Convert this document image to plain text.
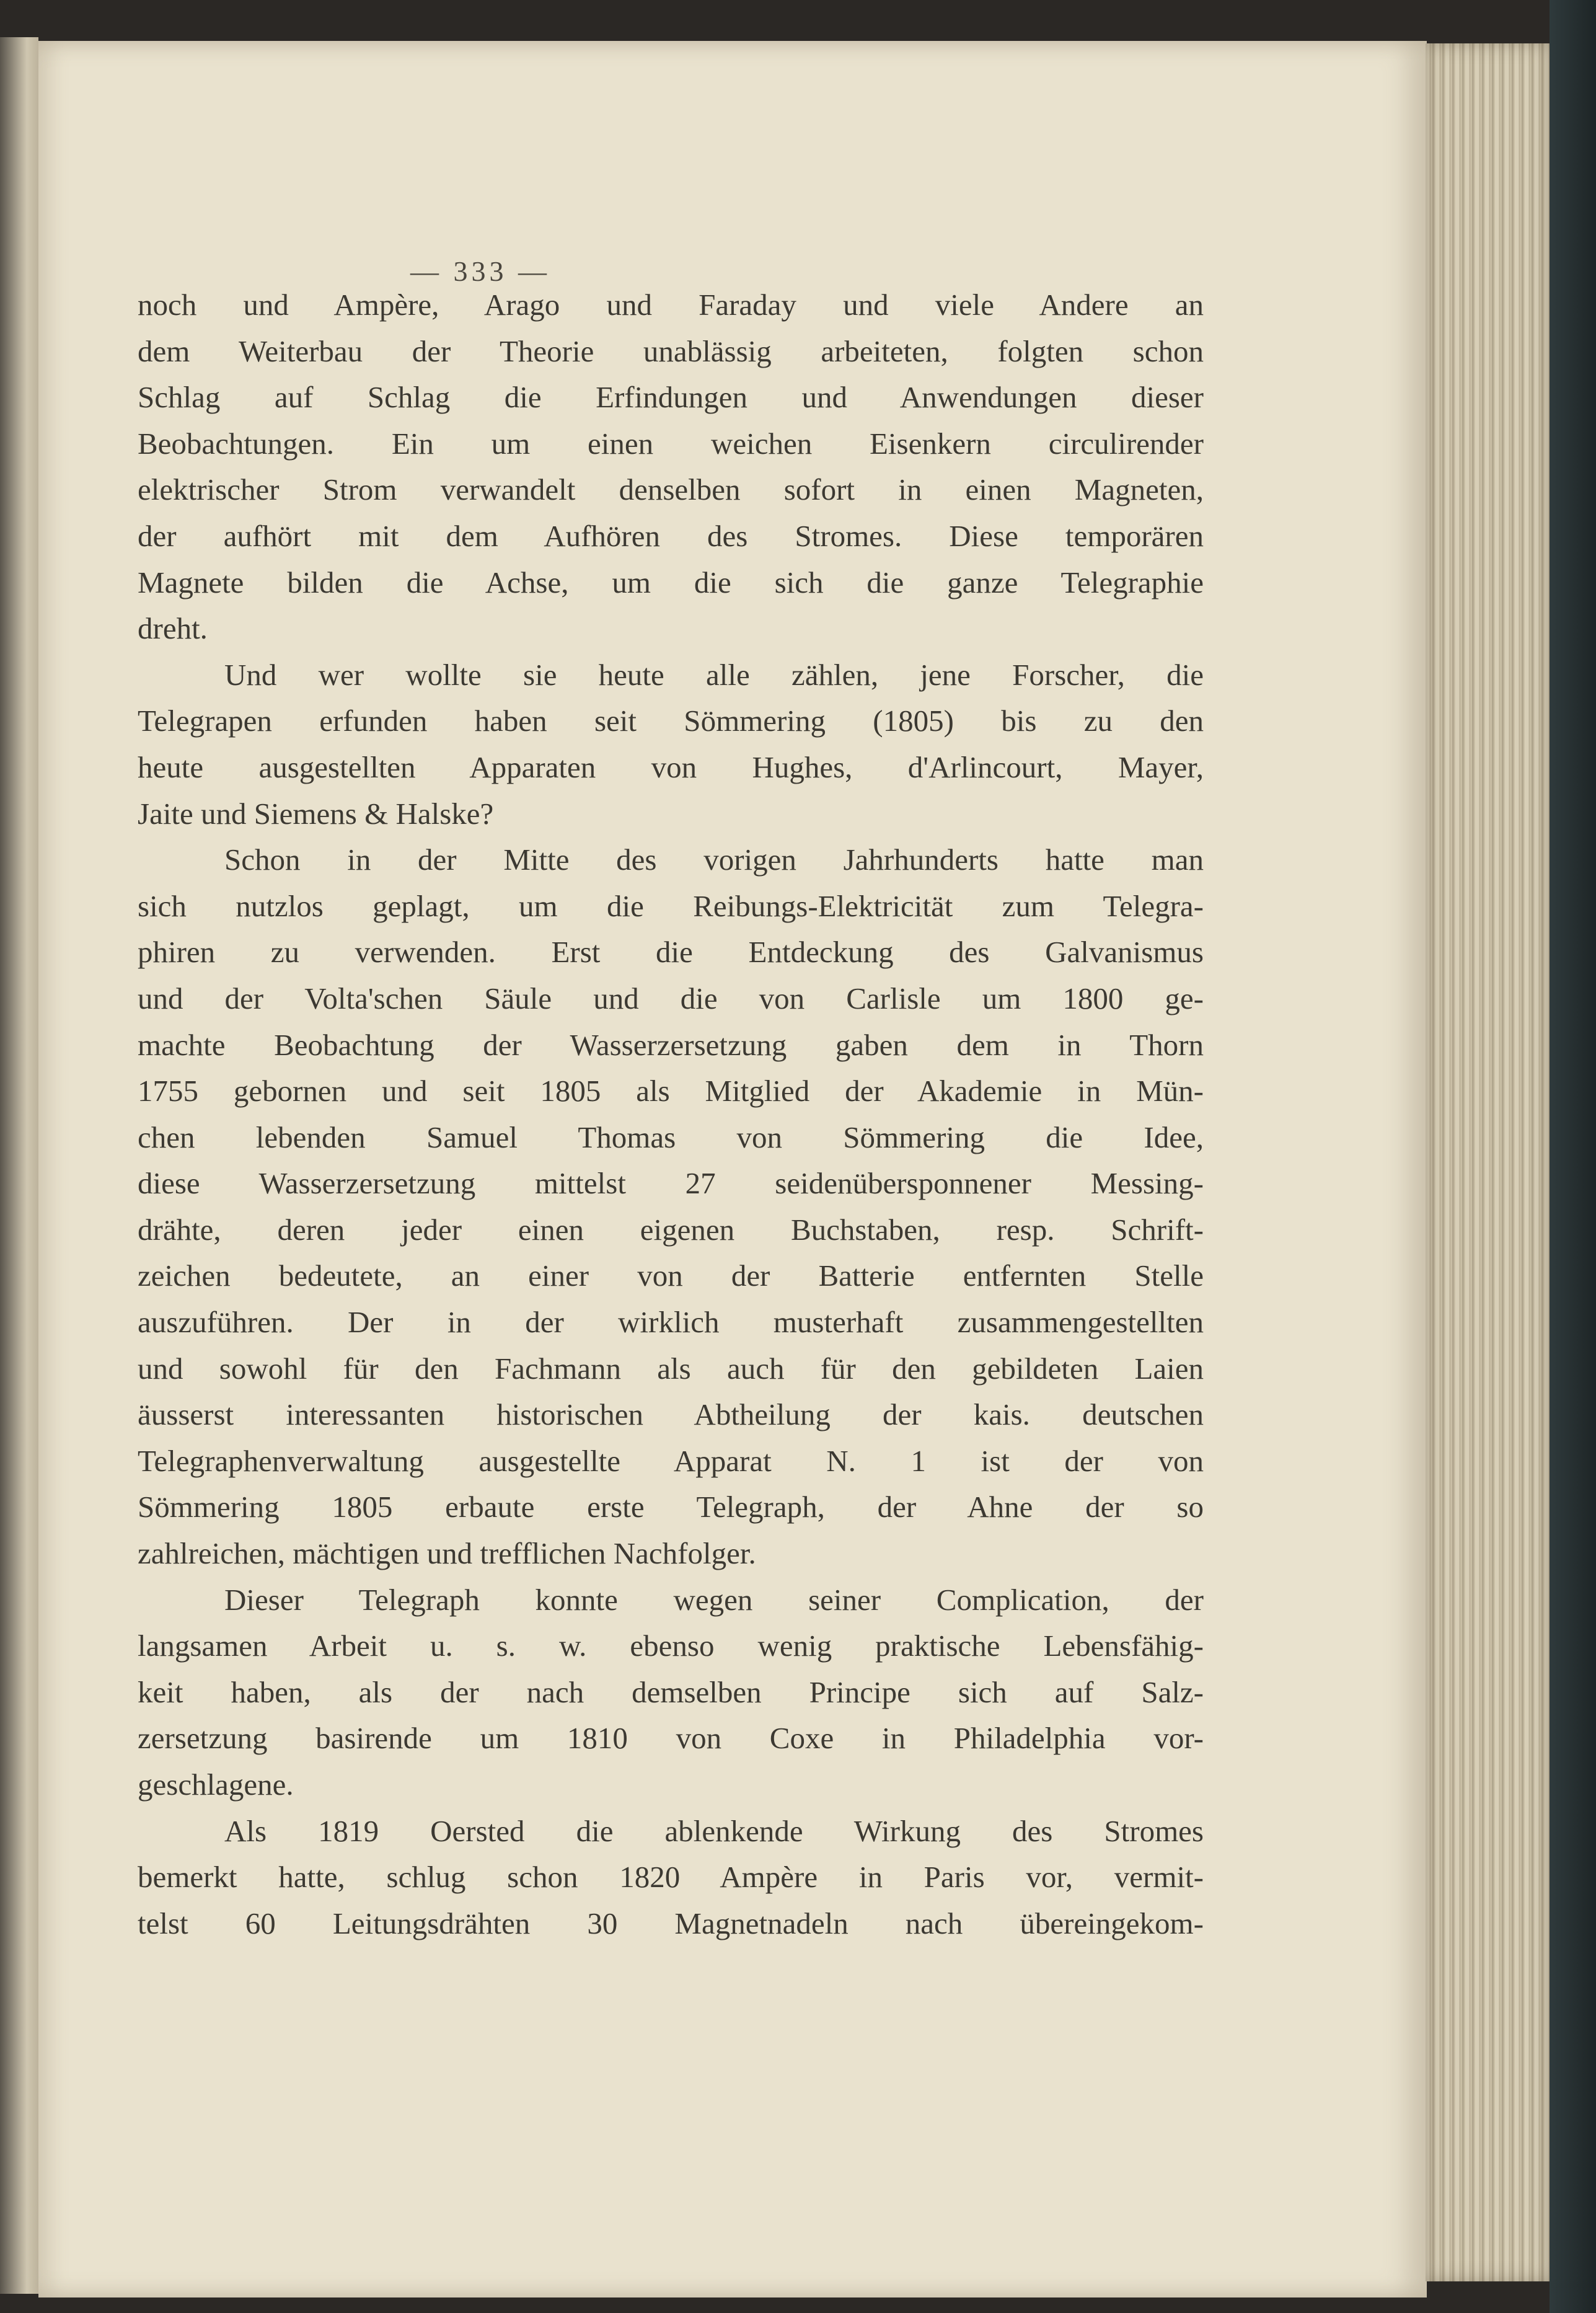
— 333 —
noch und Ampère, Arago und Faraday und viele Andere an
dem Weiterbau der Theorie unablässig arbeiteten, folgten schon
Schlag auf Schlag die Erfindungen und Anwendungen dieser
Beobachtungen. Ein um einen weichen Eisenkern circulirender
elektrischer Strom verwandelt denselben sofort in einen Magneten,
der aufhört mit dem Aufhören des Stromes. Diese temporären
Magnete bilden die Achse, um die sich die ganze Telegraphie
dreht.
Und wer wollte sie heute alle zählen, jene Forscher, die
Telegrapen erfunden haben seit Sömmering (1805) bis zu den
heute ausgestellten Apparaten von Hughes, d'Arlincourt, Mayer,
Jaite und Siemens & Halske?
Schon in der Mitte des vorigen Jahrhunderts hatte man
sich nutzlos geplagt, um die Reibungs-Elektricität zum Telegra-
phiren zu verwenden. Erst die Entdeckung des Galvanismus
und der Volta'schen Säule und die von Carlisle um 1800 ge-
machte Beobachtung der Wasserzersetzung gaben dem in Thorn
1755 gebornen und seit 1805 als Mitglied der Akademie in Mün-
chen lebenden Samuel Thomas von Sömmering die Idee,
diese Wasserzersetzung mittelst 27 seidenübersponnener Messing-
drähte, deren jeder einen eigenen Buchstaben, resp. Schrift-
zeichen bedeutete, an einer von der Batterie entfernten Stelle
auszuführen. Der in der wirklich musterhaft zusammengestellten
und sowohl für den Fachmann als auch für den gebildeten Laien
äusserst interessanten historischen Abtheilung der kais. deutschen
Telegraphenverwaltung ausgestellte Apparat N. 1 ist der von
Sömmering 1805 erbaute erste Telegraph, der Ahne der so
zahlreichen, mächtigen und trefflichen Nachfolger.
Dieser Telegraph konnte wegen seiner Complication, der
langsamen Arbeit u. s. w. ebenso wenig praktische Lebensfähig-
keit haben, als der nach demselben Principe sich auf Salz-
zersetzung basirende um 1810 von Coxe in Philadelphia vor-
geschlagene.
Als 1819 Oersted die ablenkende Wirkung des Stromes
bemerkt hatte, schlug schon 1820 Ampère in Paris vor, vermit-
telst 60 Leitungsdrähten 30 Magnetnadeln nach übereingekom-
